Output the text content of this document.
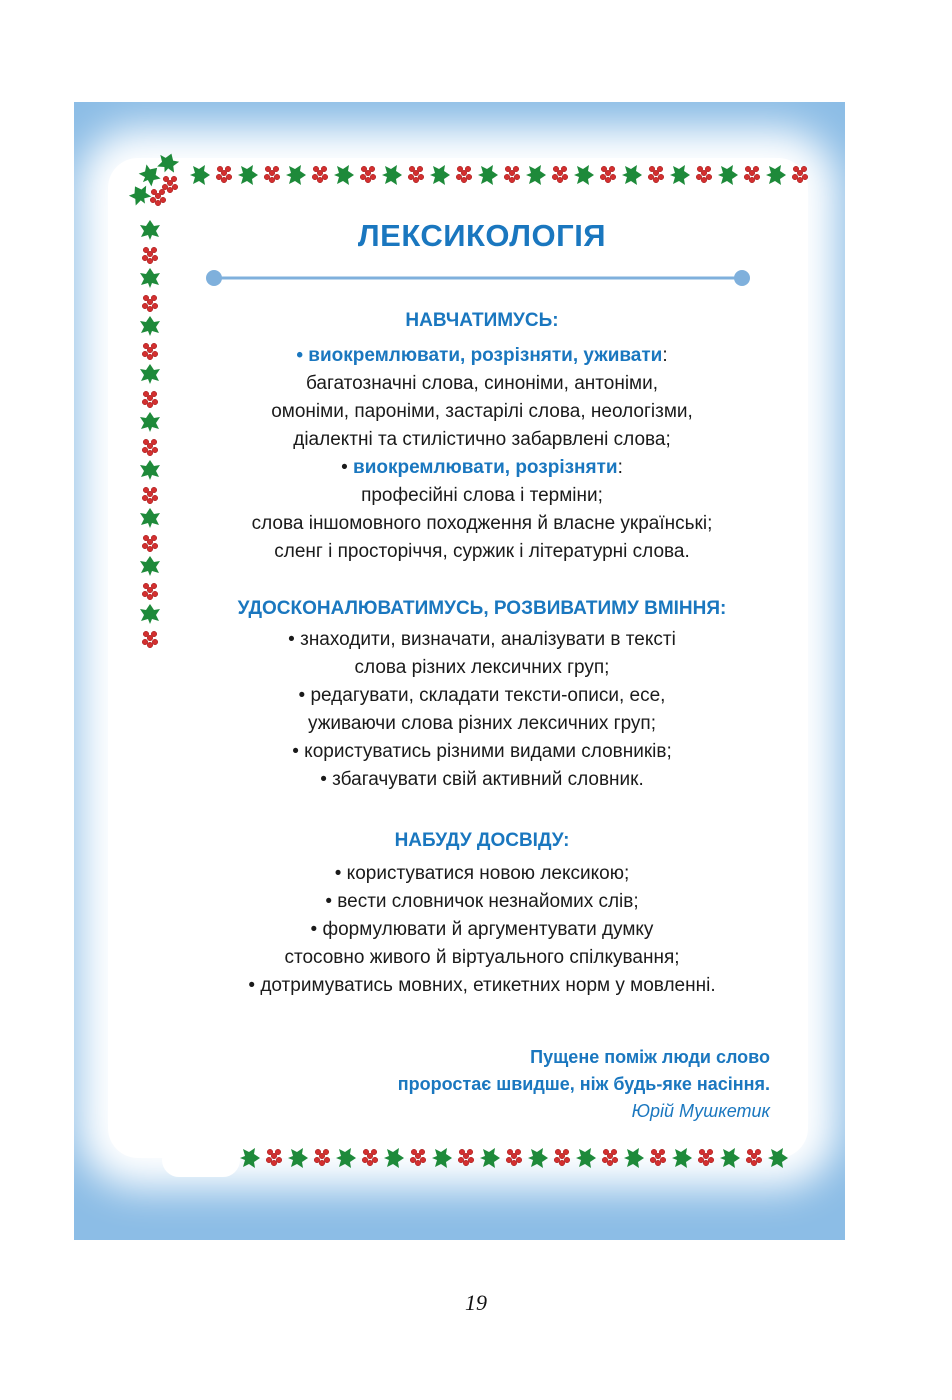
ЛЕКСИКОЛОГІЯ
НАВЧАТИМУСЬ:
• виокремлювати, розрізняти, уживати:
багатозначні слова, синоніми, антоніми,
омоніми, пароніми, застарілі слова, неологізми,
діалектні та стилістично забарвлені слова;
• виокремлювати, розрізняти:
професійні слова і терміни;
слова іншомовного походження й власне українські;
сленг і просторіччя, суржик і літературні слова.
УДОСКОНАЛЮВАТИМУСЬ, РОЗВИВАТИМУ ВМІННЯ:
• знаходити, визначати, аналізувати в тексті
слова різних лексичних груп;
• редагувати, складати тексти-описи, есе,
уживаючи слова різних лексичних груп;
• користуватись різними видами словників;
• збагачувати свій активний словник.
НАБУДУ ДОСВІДУ:
• користуватися новою лексикою;
• вести словничок незнайомих слів;
• формулювати й аргументувати думку
стосовно живого й віртуального спілкування;
• дотримуватись мовних, етикетних норм у мовленні.
Пущене поміж люди слово
проростає швидше, ніж будь-яке насіння.
Юрій Мушкетик
19
